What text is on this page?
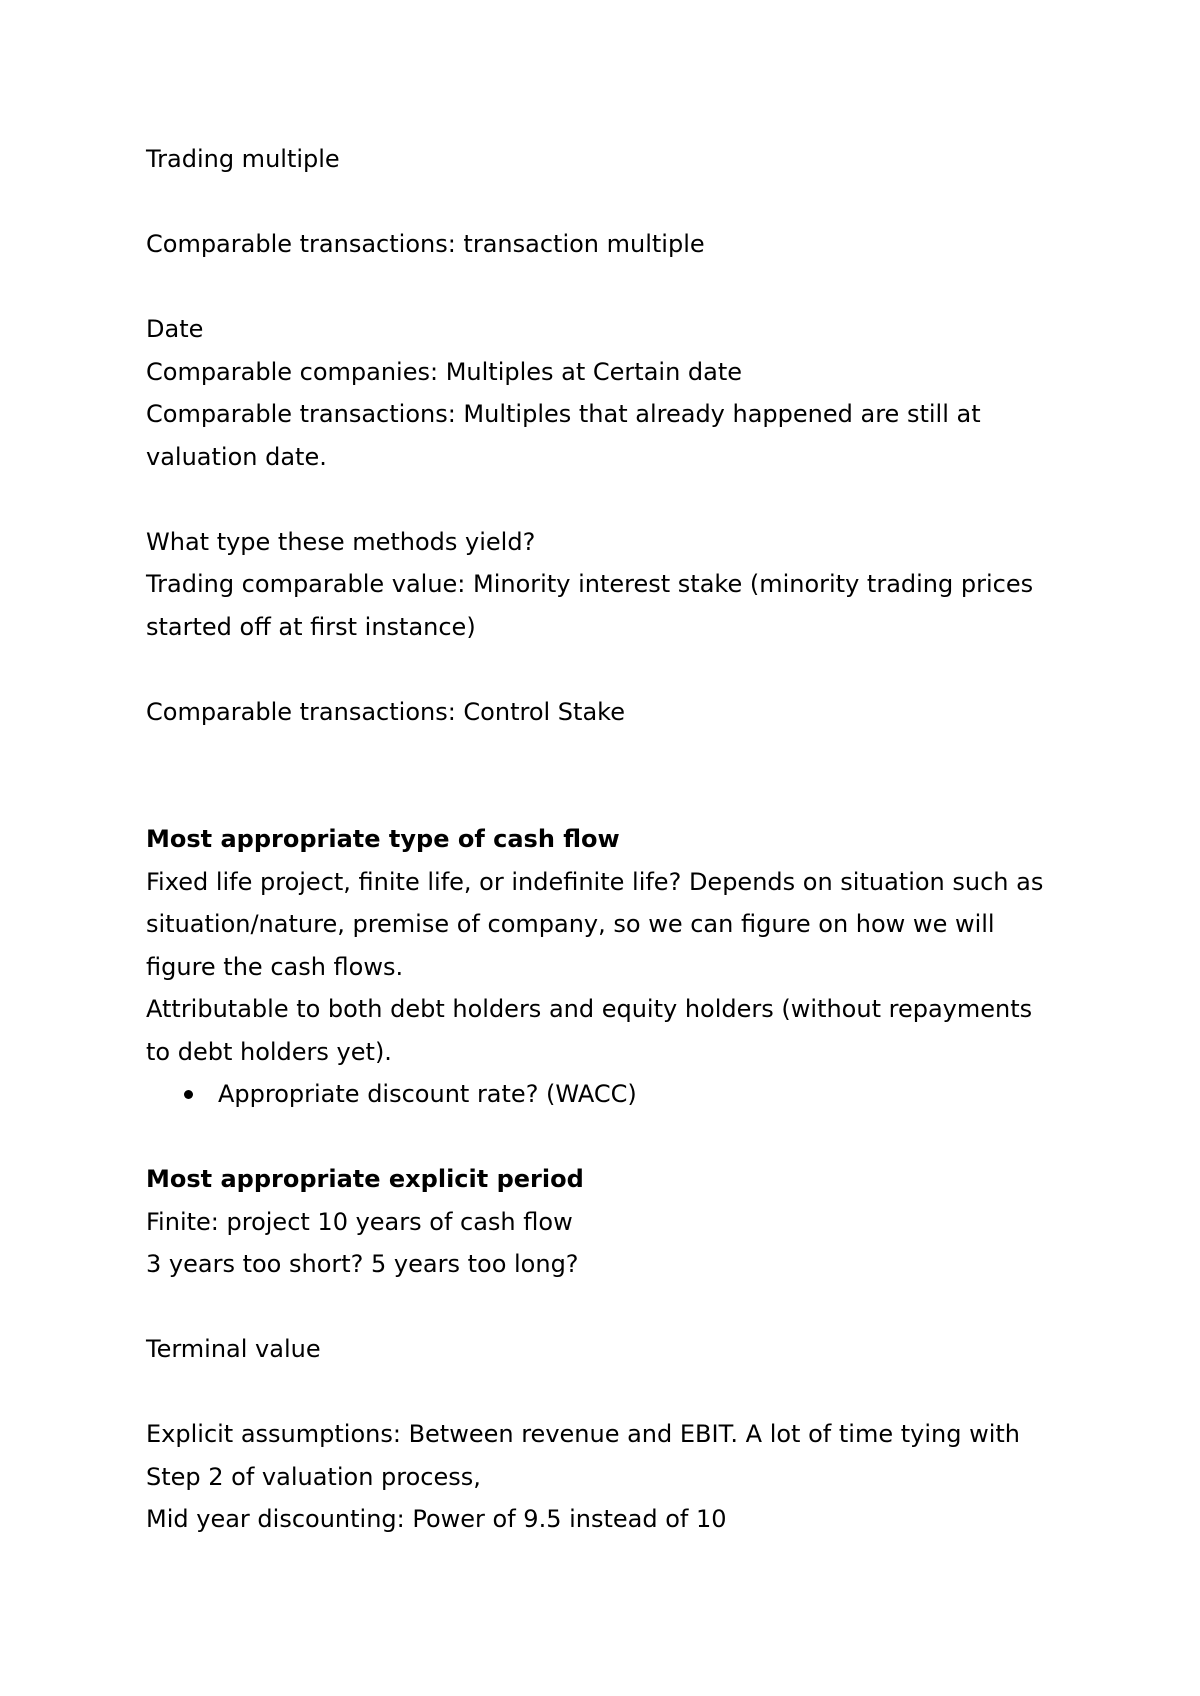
Trading multiple
Comparable transactions: transaction multiple
Date
Comparable companies: Multiples at Certain date
Comparable transactions: Multiples that already happened are still at
valuation date.
What type these methods yield?
Trading comparable value: Minority interest stake (minority trading prices
started off at first instance)
Comparable transactions: Control Stake
Most appropriate type of cash flow
Fixed life project, finite life, or indefinite life? Depends on situation such as
situation/nature, premise of company, so we can figure on how we will
figure the cash flows.
Attributable to both debt holders and equity holders (without repayments
to debt holders yet).
Appropriate discount rate? (WACC)
Most appropriate explicit period
Finite: project 10 years of cash flow
3 years too short? 5 years too long?
Terminal value
Explicit assumptions: Between revenue and EBIT. A lot of time tying with
Step 2 of valuation process,
Mid year discounting: Power of 9.5 instead of 10
